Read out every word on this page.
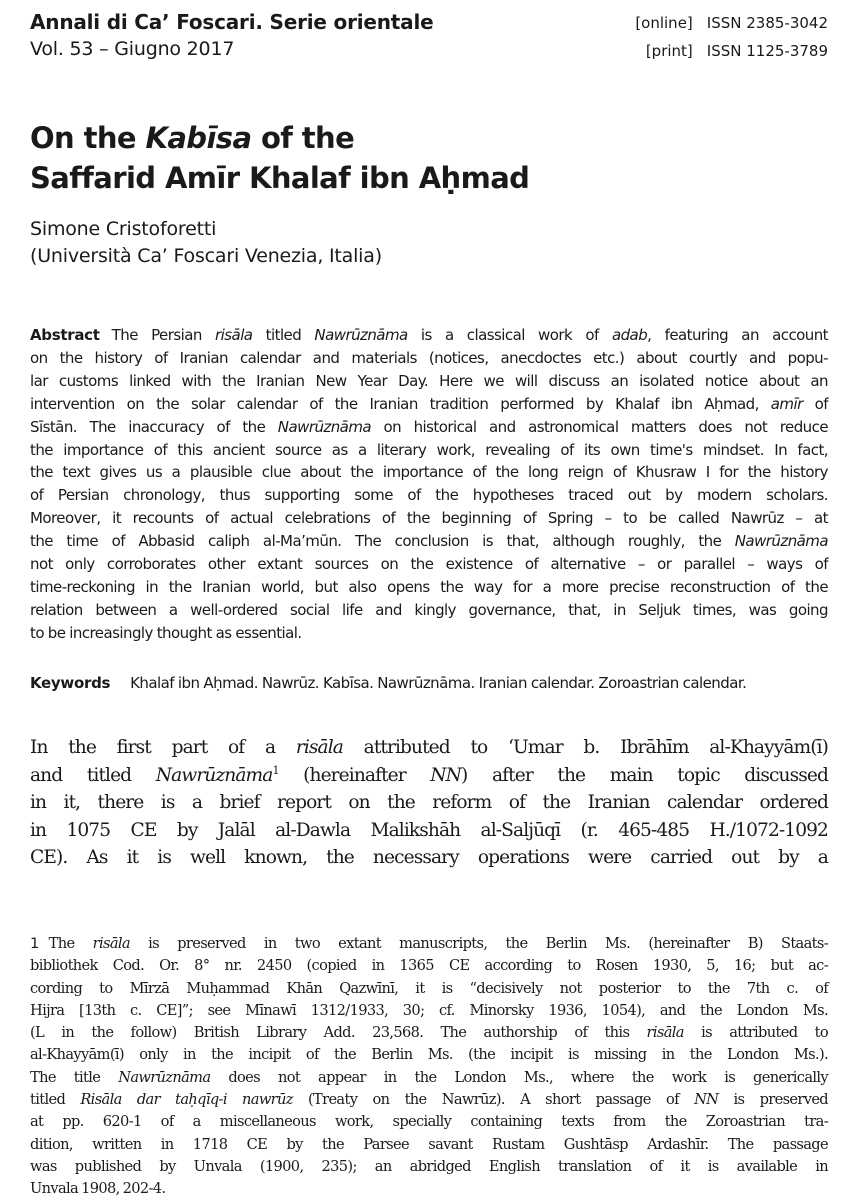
Annali di Ca’ Foscari. Serie orientale
Vol. 53 – Giugno 2017
[online] ISSN 2385-3042
[print] ISSN 1125-3789
On the Kabīsa of the
Saffarid Amīr Khalaf ibn Aḥmad
Simone Cristoforetti
(Università Ca’ Foscari Venezia, Italia)
Abstract The Persian risāla titled Nawrūznāma is a classical work of adab, featuring an account
on the history of Iranian calendar and materials (notices, anecdoctes etc.) about courtly and popu-
lar customs linked with the Iranian New Year Day. Here we will discuss an isolated notice about an
intervention on the solar calendar of the Iranian tradition performed by Khalaf ibn Aḥmad, amīr of
Sīstān. The inaccuracy of the Nawrūznāma on historical and astronomical matters does not reduce
the importance of this ancient source as a literary work, revealing of its own time's mindset. In fact,
the text gives us a plausible clue about the importance of the long reign of Khusraw I for the history
of Persian chronology, thus supporting some of the hypotheses traced out by modern scholars.
Moreover, it recounts of actual celebrations of the beginning of Spring – to be called Nawrūz – at
the time of Abbasid caliph al-Ma’mūn. The conclusion is that, although roughly, the Nawrūznāma
not only corroborates other extant sources on the existence of alternative – or parallel – ways of
time-reckoning in the Iranian world, but also opens the way for a more precise reconstruction of the
relation between a well-ordered social life and kingly governance, that, in Seljuk times, was going
to be increasingly thought as essential.
Keywords Khalaf ibn Aḥmad. Nawrūz. Kabīsa. Nawrūznāma. Iranian calendar. Zoroastrian calendar.
In the first part of a risāla attributed to ‘Umar b. Ibrāhīm al-Khayyām(ī)
and titled Nawrūznāma$^1$ (hereinafter NN) after the main topic discussed
in it, there is a brief report on the reform of the Iranian calendar ordered
in 1075 CE by Jalāl al-Dawla Malikshāh al-Saljūqī (r. 465-485 H./1072-1092
CE). As it is well known, the necessary operations were carried out by a
1 The risāla is preserved in two extant manuscripts, the Berlin Ms. (hereinafter B) Staats-
bibliothek Cod. Or. 8° nr. 2450 (copied in 1365 CE according to Rosen 1930, 5, 16; but ac-
cording to Mīrzā Muḥammad Khān Qazwīnī, it is “decisively not posterior to the 7th c. of
Hijra [13th c. CE]”; see Mīnawī 1312/1933, 30; cf. Minorsky 1936, 1054), and the London Ms.
(L in the follow) British Library Add. 23,568. The authorship of this risāla is attributed to
al-Khayyām(ī) only in the incipit of the Berlin Ms. (the incipit is missing in the London Ms.).
The title Nawrūznāma does not appear in the London Ms., where the work is generically
titled Risāla dar taḥqīq-i nawrūz (Treaty on the Nawrūz). A short passage of NN is preserved
at pp. 620-1 of a miscellaneous work, specially containing texts from the Zoroastrian tra-
dition, written in 1718 CE by the Parsee savant Rustam Gushtāsp Ardashīr. The passage
was published by Unvala (1900, 235); an abridged English translation of it is available in
Unvala 1908, 202-4.
